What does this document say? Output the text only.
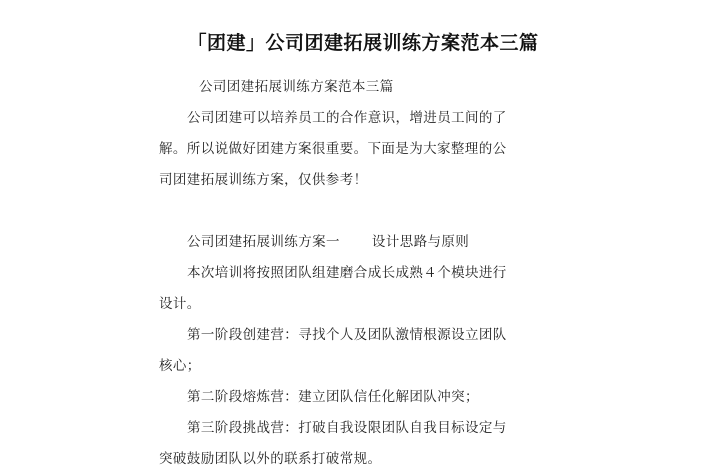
「团建」公司团建拓展训练方案范本三篇

公司团建拓展训练方案范本三篇

公司团建可以培养员工的合作意识，增进员工间的了解。所以说做好团建方案很重要。下面是为大家整理的公司团建拓展训练方案，仅供参考！

公司团建拓展训练方案一 设计思路与原则

本次培训将按照团队组建磨合成长成熟４个模块进行设计。

第一阶段创建营：寻找个人及团队激情根源设立团队核心；

第二阶段熔炼营：建立团队信任化解团队冲突；

第三阶段挑战营：打破自我设限团队自我目标设定与突破鼓励团队以外的联系打破常规。
